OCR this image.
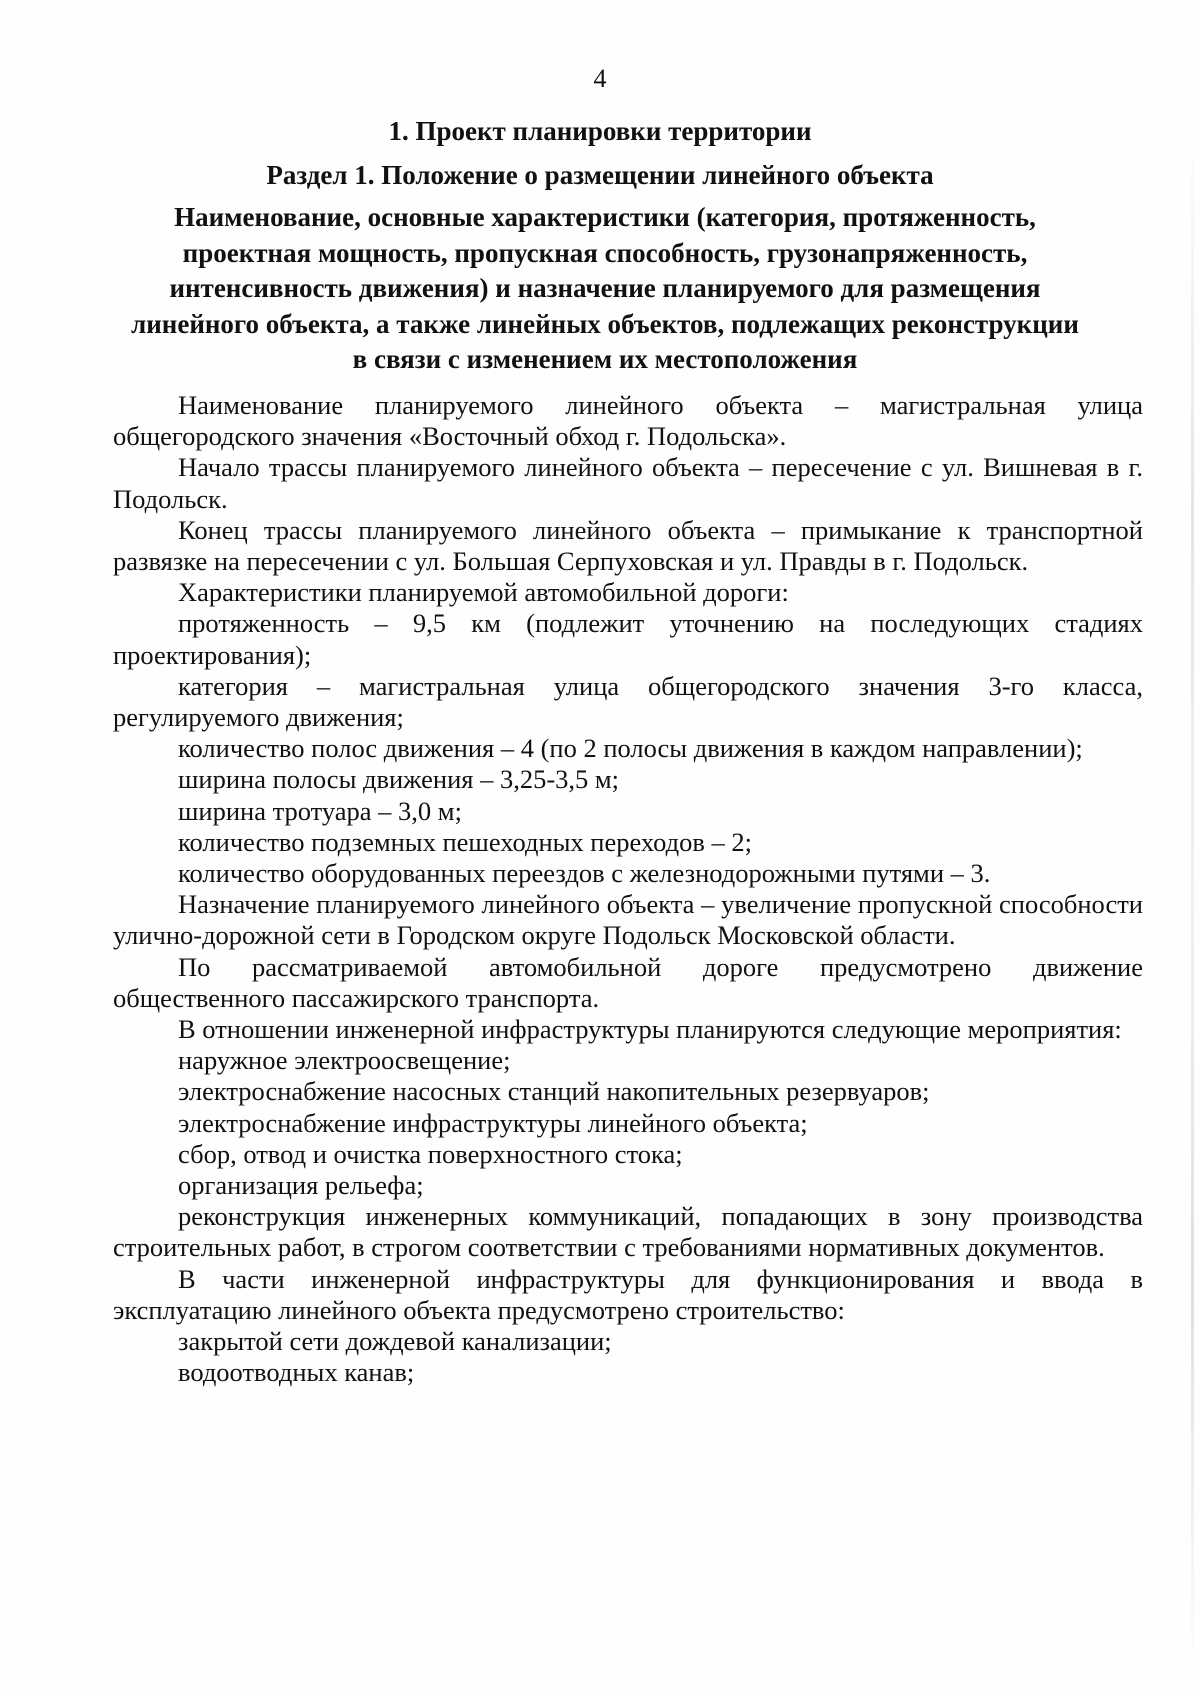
4
1. Проект планировки территории
Раздел 1. Положение о размещении линейного объекта
Наименование, основные характеристики (категория, протяженность,
проектная мощность, пропускная способность, грузонапряженность,
интенсивность движения) и назначение планируемого для размещения
линейного объекта, а также линейных объектов, подлежащих реконструкции
в связи с изменением их местоположения

Наименование планируемого линейного объекта – магистральная улица общегородского значения «Восточный обход г. Подольска».

Начало трассы планируемого линейного объекта – пересечение с ул. Вишневая в г. Подольск.

Конец трассы планируемого линейного объекта – примыкание к транспортной развязке на пересечении с ул. Большая Серпуховская и ул. Правды в г. Подольск.

Характеристики планируемой автомобильной дороги:

протяженность – 9,5 км (подлежит уточнению на последующих стадиях проектирования);

категория – магистральная улица общегородского значения 3-го класса, регулируемого движения;

количество полос движения – 4 (по 2 полосы движения в каждом направлении);

ширина полосы движения – 3,25-3,5 м;

ширина тротуара – 3,0 м;

количество подземных пешеходных переходов – 2;

количество оборудованных переездов с железнодорожными путями – 3.

Назначение планируемого линейного объекта – увеличение пропускной способности улично-дорожной сети в Городском округе Подольск Московской области.

По рассматриваемой автомобильной дороге предусмотрено движение общественного пассажирского транспорта.

В отношении инженерной инфраструктуры планируются следующие мероприятия:

наружное электроосвещение;

электроснабжение насосных станций накопительных резервуаров;

электроснабжение инфраструктуры линейного объекта;

сбор, отвод и очистка поверхностного стока;

организация рельефа;

реконструкция инженерных коммуникаций, попадающих в зону производства строительных работ, в строгом соответствии с требованиями нормативных документов.

В части инженерной инфраструктуры для функционирования и ввода в эксплуатацию линейного объекта предусмотрено строительство:

закрытой сети дождевой канализации;

водоотводных канав;
